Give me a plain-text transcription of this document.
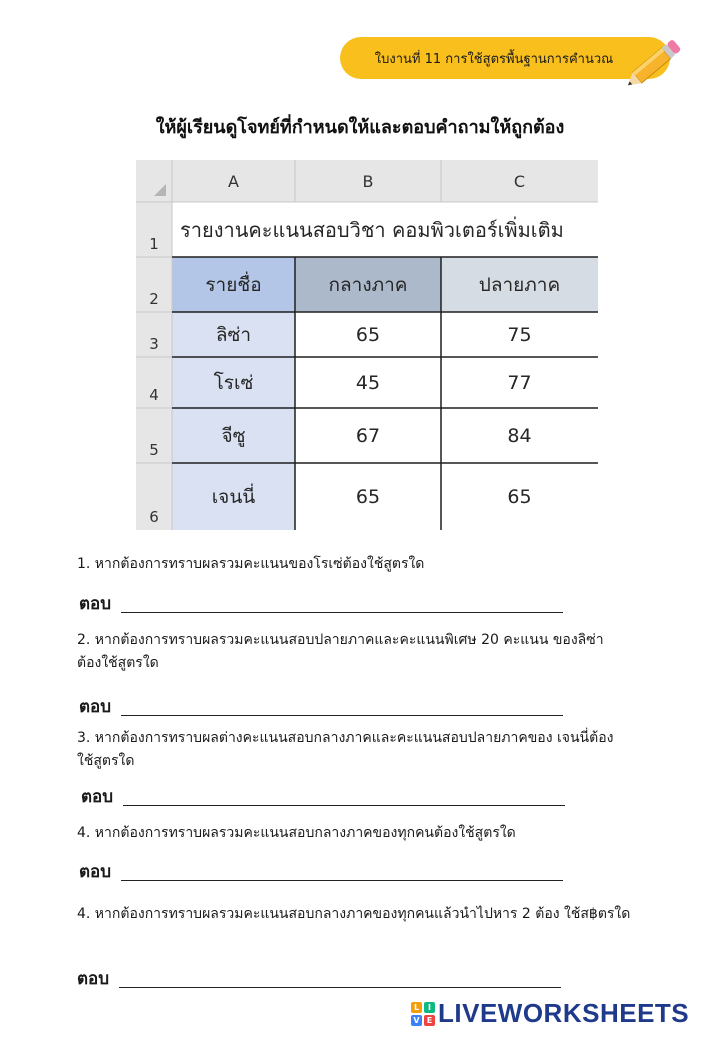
ใบงานที่ 11 การใช้สูตรพื้นฐานการคำนวณ
ให้ผู้เรียนดูโจทย์ที่กำหนดให้และตอบคำถามให้ถูกต้อง
A	B	C
1
2
3
4
5
6
รายงานคะแนนสอบวิชา คอมพิวเตอร์เพิ่มเติม
รายชื่อ	กลางภาค	ปลายภาค
ลิซ่า	65	75
โรเซ่	45	77
จีซู	67	84
เจนนี่	65	65
1. หากต้องการทราบผลรวมคะแนนของโรเซ่ต้องใช้สูตรใด
ตอบ
2. หากต้องการทราบผลรวมคะแนนสอบปลายภาคและคะแนนพิเศษ 20 คะแนน ของลิซ่าต้องใช้สูตรใด
ตอบ
3. หากต้องการทราบผลต่างคะแนนสอบกลางภาคและคะแนนสอบปลายภาคของ เจนนี่ต้องใช้สูตรใด
ตอบ
4. หากต้องการทราบผลรวมคะแนนสอบกลางภาคของทุกคนต้องใช้สูตรใด
ตอบ
4. หากต้องการทราบผลรวมคะแนนสอบกลางภาคของทุกคนแล้วนำไปหาร 2 ต้อง ใช้ส฿ตรใด
ตอบ
L	I
V E LIVEWORKSHEETS
